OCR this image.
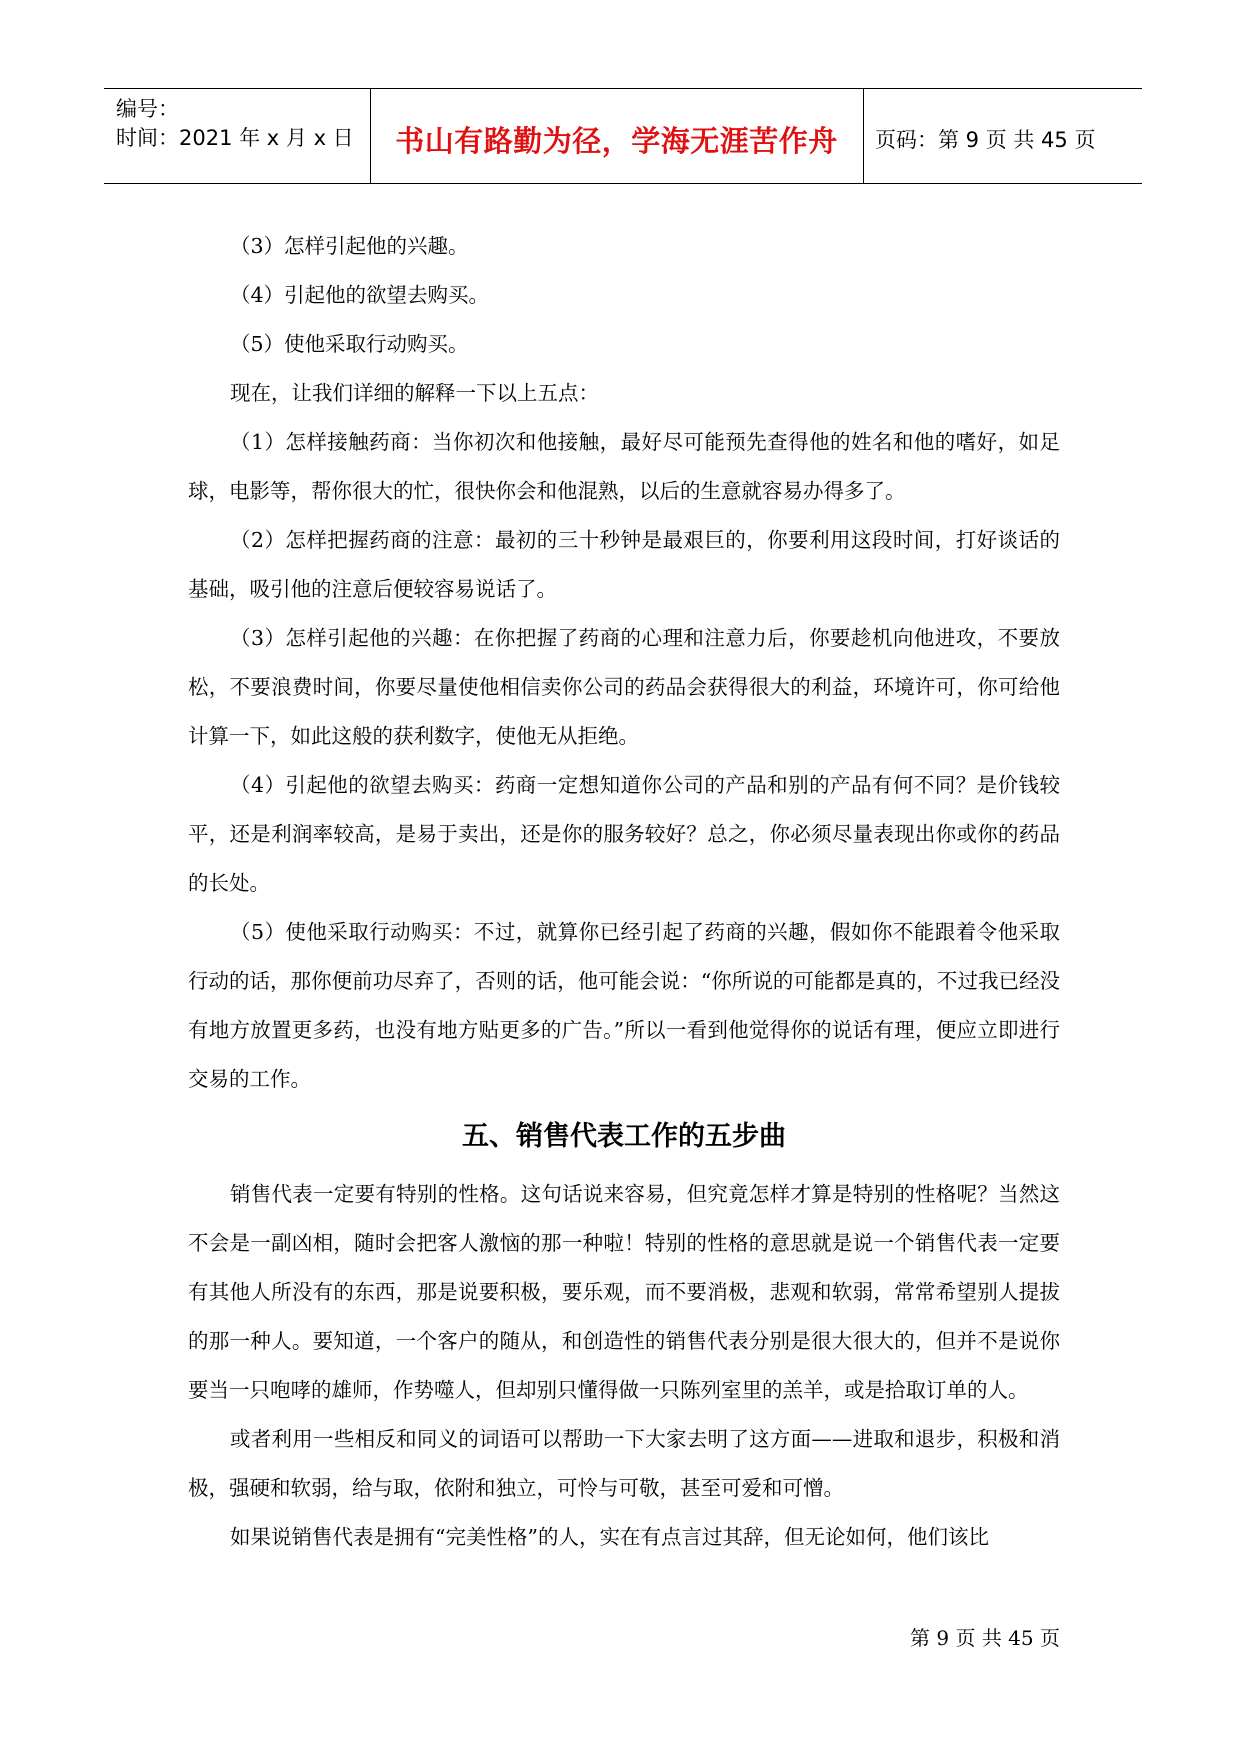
编号：
时间：2021 年 x 月 x 日	书山有路勤为径，学海无涯苦作舟	页码：第 9 页 共 45 页

（3）怎样引起他的兴趣。

（4）引起他的欲望去购买。

（5）使他采取行动购买。

现在，让我们详细的解释一下以上五点：

（1）怎样接触药商：当你初次和他接触，最好尽可能预先查得他的姓名和他的嗜好，如足球，电影等，帮你很大的忙，很快你会和他混熟，以后的生意就容易办得多了。

（2）怎样把握药商的注意：最初的三十秒钟是最艰巨的，你要利用这段时间，打好谈话的基础，吸引他的注意后便较容易说话了。

（3）怎样引起他的兴趣：在你把握了药商的心理和注意力后，你要趁机向他进攻，不要放松，不要浪费时间，你要尽量使他相信卖你公司的药品会获得很大的利益，环境许可，你可给他计算一下，如此这般的获利数字，使他无从拒绝。

（4）引起他的欲望去购买：药商一定想知道你公司的产品和别的产品有何不同？是价钱较平，还是利润率较高，是易于卖出，还是你的服务较好？总之，你必须尽量表现出你或你的药品的长处。

（5）使他采取行动购买：不过，就算你已经引起了药商的兴趣，假如你不能跟着令他采取行动的话，那你便前功尽弃了，否则的话，他可能会说：“你所说的可能都是真的，不过我已经没有地方放置更多药，也没有地方贴更多的广告。”所以一看到他觉得你的说话有理，便应立即进行交易的工作。

五、销售代表工作的五步曲

销售代表一定要有特别的性格。这句话说来容易，但究竟怎样才算是特别的性格呢？当然这不会是一副凶相，随时会把客人激恼的那一种啦！特别的性格的意思就是说一个销售代表一定要有其他人所没有的东西，那是说要积极，要乐观，而不要消极，悲观和软弱，常常希望别人提拔的那一种人。要知道，一个客户的随从，和创造性的销售代表分别是很大很大的，但并不是说你要当一只咆哮的雄师，作势噬人，但却别只懂得做一只陈列室里的羔羊，或是拾取订单的人。

或者利用一些相反和同义的词语可以帮助一下大家去明了这方面——进取和退步，积极和消极，强硬和软弱，给与取，依附和独立，可怜与可敬，甚至可爱和可憎。

如果说销售代表是拥有“完美性格”的人，实在有点言过其辞，但无论如何，他们该比

第 9 页 共 45 页
